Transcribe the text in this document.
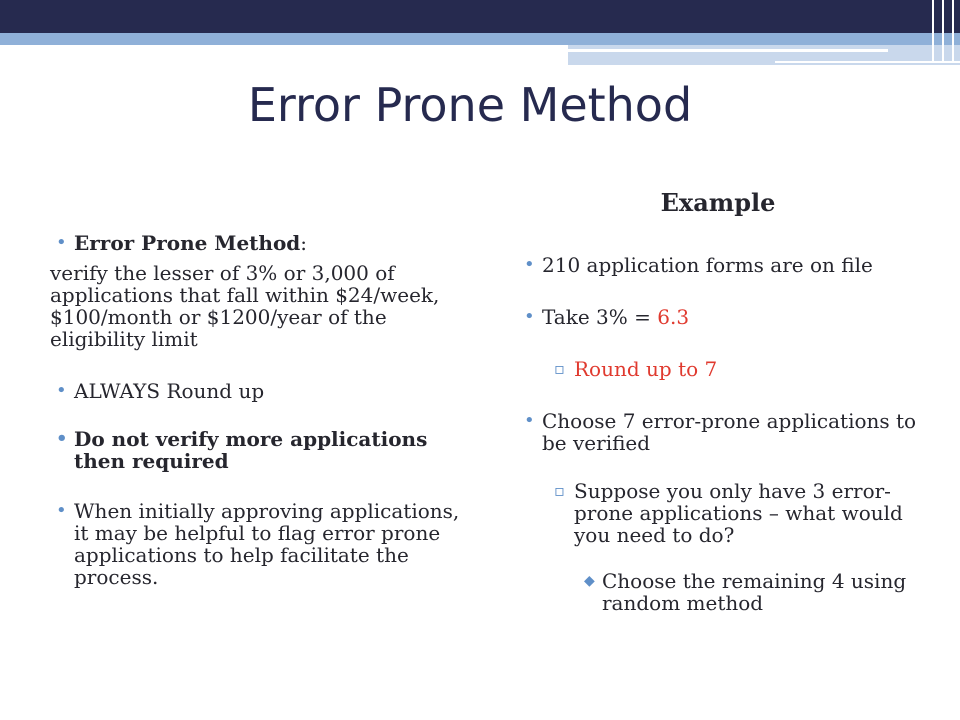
Error Prone Method

• Error Prone Method:

verify the lesser of 3% or 3,000 of applications that fall within $24/week, $100/month or $1200/year of the eligibility limit

• ALWAYS Round up

• Do not verify more applications then required

• When initially approving applications, it may be helpful to flag error prone applications to help facilitate the process.

Example

• 210 application forms are on file

• Take 3% = 6.3

▫ Round up to 7

• Choose 7 error-prone applications to be verified

▫ Suppose you only have 3 error-prone applications – what would you need to do?

◆ Choose the remaining 4 using random method
